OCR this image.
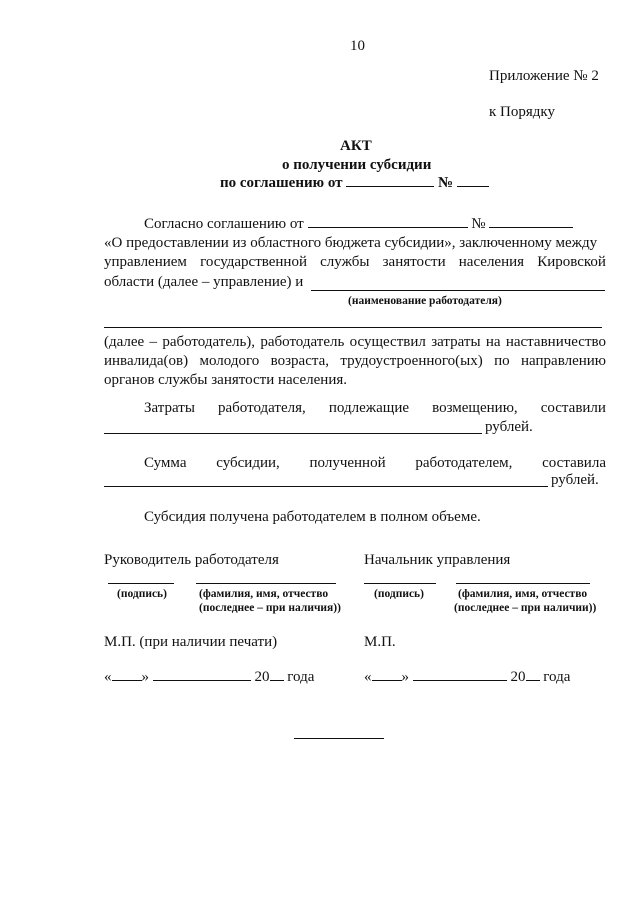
10
Приложение № 2
к Порядку
АКТ
о получении субсидии
по соглашению от	№
Согласно соглашению от	№
«О предоставлении из областного бюджета субсидии», заключенному между
управлением государственной службы занятости населения Кировской
области (далее – управление) и
(наименование работодателя)
(далее – работодатель), работодатель осуществил затраты на наставничество
инвалида(ов) молодого возраста, трудоустроенного(ых) по направлению
органов службы занятости населения.
Затраты работодателя, подлежащие возмещению, составили
рублей.
Сумма субсидии, полученной работодателем, составила
рублей.
Субсидия получена работодателем в полном объеме.
Руководитель работодателя
(подпись)	(фамилия, имя, отчество
(последнее – при наличия))
М.П. (при наличии печати)
« »	20 года
Начальник управления
(подпись)	(фамилия, имя, отчество
(последнее – при наличии))
М.П.
« »	20 года
